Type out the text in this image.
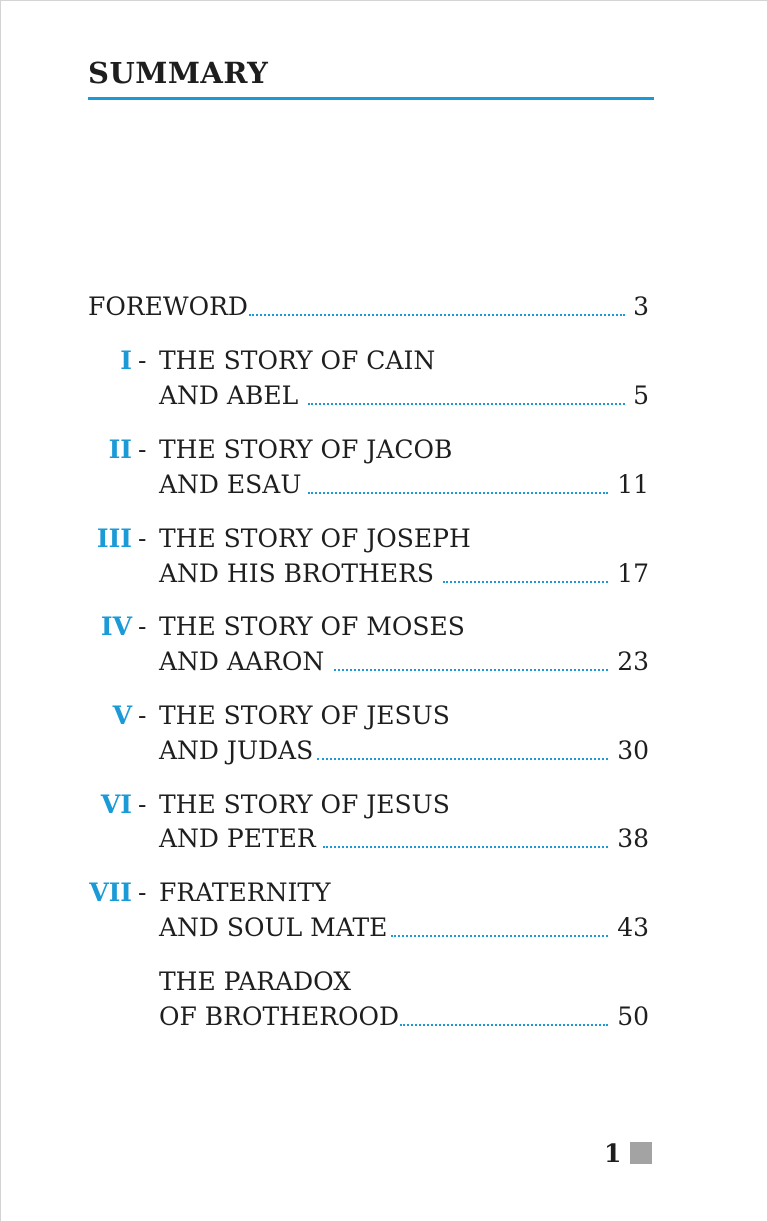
SUMMARY
FOREWORD	3
I - THE STORY OF CAIN
AND ABEL	5
II - THE STORY OF JACOB
AND ESAU	11
III - THE STORY OF JOSEPH
AND HIS BROTHERS	17
IV - THE STORY OF MOSES
AND AARON	23
V - THE STORY OF JESUS
AND JUDAS	30
VI - THE STORY OF JESUS
AND PETER	38
VII - FRATERNITY
AND SOUL MATE	43
THE PARADOX
OF BROTHEROOD	50
1
